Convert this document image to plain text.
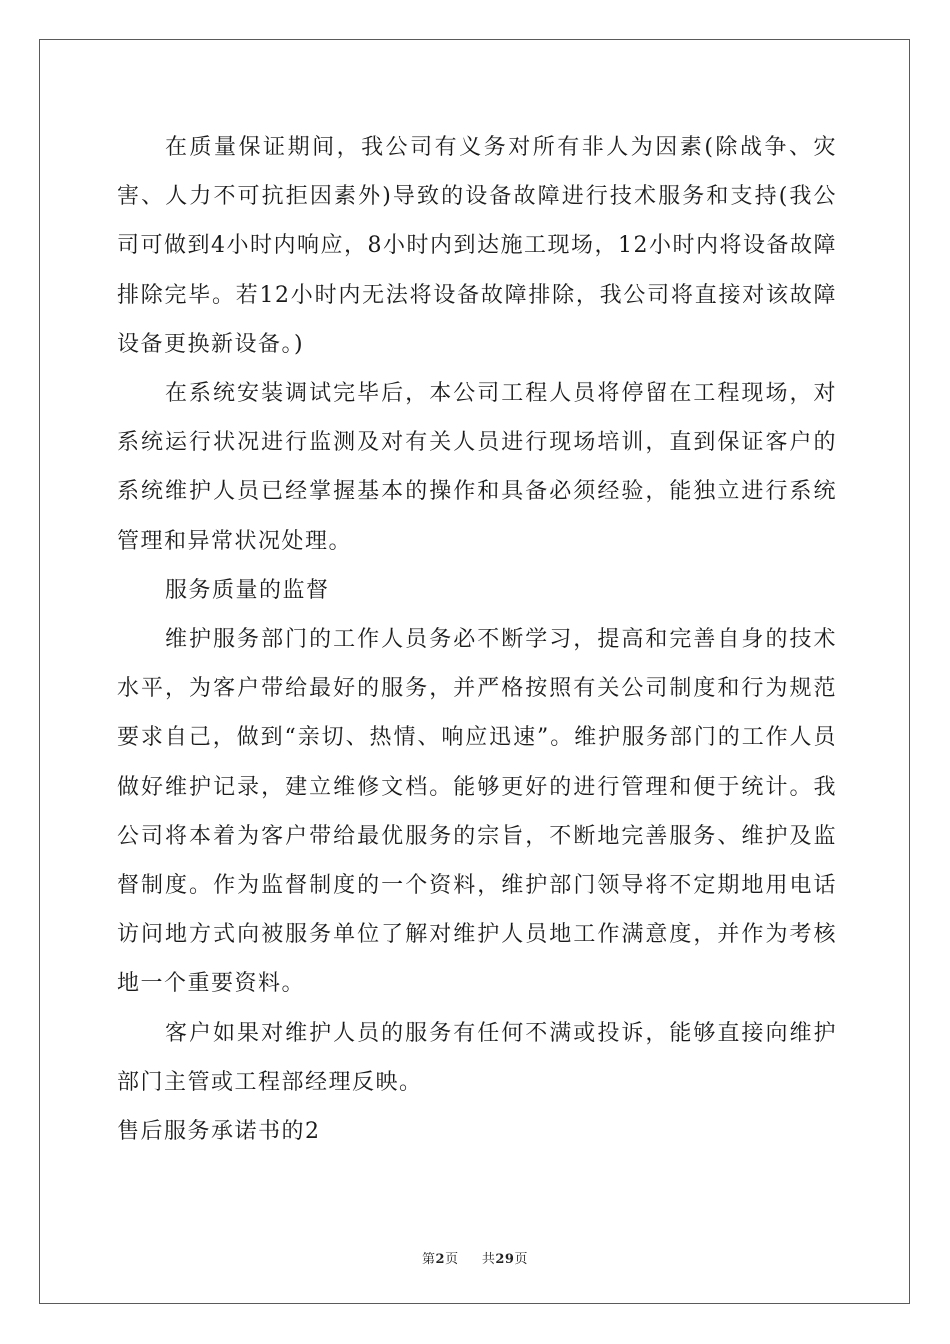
在质量保证期间，我公司有义务对所有非人为因素(除战争、灾害、人力不可抗拒因素外)导致的设备故障进行技术服务和支持(我公司可做到4小时内响应，8小时内到达施工现场，12小时内将设备故障排除完毕。若12小时内无法将设备故障排除，我公司将直接对该故障设备更换新设备。)

在系统安装调试完毕后，本公司工程人员将停留在工程现场，对系统运行状况进行监测及对有关人员进行现场培训，直到保证客户的系统维护人员已经掌握基本的操作和具备必须经验，能独立进行系统管理和异常状况处理。

服务质量的监督

维护服务部门的工作人员务必不断学习，提高和完善自身的技术水平，为客户带给最好的服务，并严格按照有关公司制度和行为规范要求自己，做到“亲切、热情、响应迅速”。维护服务部门的工作人员做好维护记录，建立维修文档。能够更好的进行管理和便于统计。我公司将本着为客户带给最优服务的宗旨，不断地完善服务、维护及监督制度。作为监督制度的一个资料，维护部门领导将不定期地用电话访问地方式向被服务单位了解对维护人员地工作满意度，并作为考核地一个重要资料。

客户如果对维护人员的服务有任何不满或投诉，能够直接向维护部门主管或工程部经理反映。

售后服务承诺书的2

第2页 共29页
